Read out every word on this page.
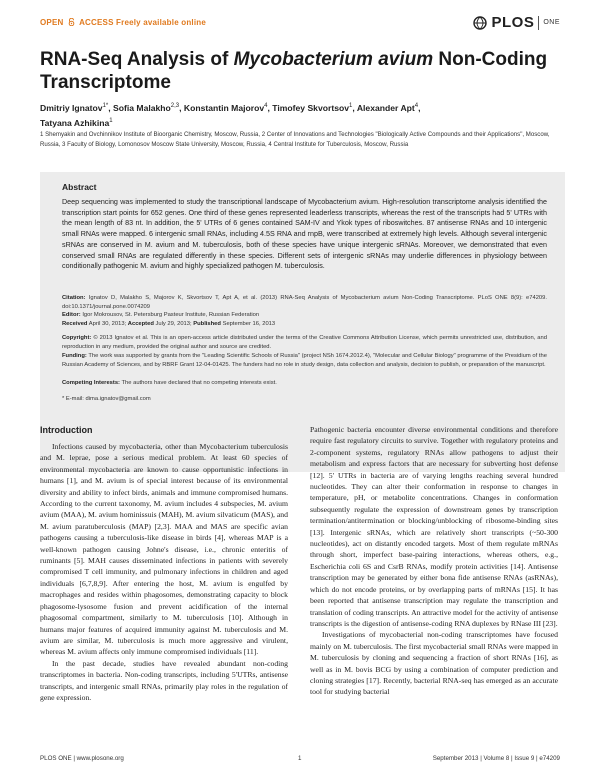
OPEN ACCESS Freely available online	PLOS ONE
RNA-Seq Analysis of Mycobacterium avium Non-Coding Transcriptome
Dmitriy Ignatov$^{1*}$, Sofia Malakho$^{2,3}$, Konstantin Majorov$^4$, Timofey Skvortsov$^1$, Alexander Apt$^4$,
Tatyana Azhikina$^1$
1 Shemyakin and Ovchinnikov Institute of Bioorganic Chemistry, Moscow, Russia, 2 Center of Innovations and Technologies "Biologically Active Compounds and their Applications", Moscow, Russia, 3 Faculty of Biology, Lomonosov Moscow State University, Moscow, Russia, 4 Central Institute for Tuberculosis, Moscow, Russia
Abstract
Deep sequencing was implemented to study the transcriptional landscape of Mycobacterium avium. High-resolution transcriptome analysis identified the transcription start points for 652 genes. One third of these genes represented leaderless transcripts, whereas the rest of the transcripts had 5' UTRs with the mean length of 83 nt. In addition, the 5' UTRs of 6 genes contained SAM-IV and Ykok types of riboswitches. 87 antisense RNAs and 10 intergenic small RNAs were mapped. 6 intergenic small RNAs, including 4.5S RNA and rnpB, were transcribed at extremely high levels. Although several intergenic sRNAs are conserved in M. avium and M. tuberculosis, both of these species have unique intergenic sRNAs. Moreover, we demonstrated that even conserved small RNAs are regulated differently in these species. Different sets of intergenic sRNAs may underlie differences in physiology between conditionally pathogenic M. avium and highly specialized pathogen M. tuberculosis.
Citation: Ignatov D, Malakho S, Majorov K, Skvortsov T, Apt A, et al. (2013) RNA-Seq Analysis of Mycobacterium avium Non-Coding Transcriptome. PLoS ONE 8(9): e74209. doi:10.1371/journal.pone.0074209
Editor: Igor Mokrousov, St. Petersburg Pasteur Institute, Russian Federation
Received April 30, 2013; Accepted July 29, 2013; Published September 16, 2013
Copyright: © 2013 Ignatov et al. This is an open-access article distributed under the terms of the Creative Commons Attribution License, which permits unrestricted use, distribution, and reproduction in any medium, provided the original author and source are credited.
Funding: The work was supported by grants from the "Leading Scientific Schools of Russia" (project NSh 1674.2012.4), "Molecular and Cellular Biology" programme of the Presidium of the Russian Academy of Sciences, and by RBRF Grant 12-04-01425. The funders had no role in study design, data collection and analysis, decision to publish, or preparation of the manuscript.
Competing Interests: The authors have declared that no competing interests exist.
* E-mail: dima.ignatov@gmail.com
Introduction

Infections caused by mycobacteria, other than Mycobacterium tuberculosis and M. leprae, pose a serious medical problem. At least 60 species of environmental mycobacteria are known to cause opportunistic infections in humans [1], and M. avium is of special interest because of its environmental diversity and ability to infect birds, animals and immune compromised humans. According to the current taxonomy, M. avium includes 4 subspecies, M. avium avium (MAA), M. avium hominissuis (MAH), M. avium silvaticum (MAS), and M. avium paratuberculosis (MAP) [2,3]. MAA and MAS are specific avian pathogens causing a tuberculosis-like disease in birds [4], whereas MAP is a well-known pathogen causing Johne's disease, i.e., chronic enteritis of ruminants [5]. MAH causes disseminated infections in patients with severely compromised T cell immunity, and pulmonary infections in children and aged individuals [6,7,8,9]. After entering the host, M. avium is engulfed by macrophages and resides within phagosomes, demonstrating capacity to block phagosome-lysosome fusion and prevent acidification of the internal phagosomal compartment, similarly to M. tuberculosis [10]. Although in humans major features of acquired immunity against M. tuberculosis and M. avium are similar, M. tuberculosis is much more aggressive and virulent, whereas M. avium affects only immune compromised individuals [11].

In the past decade, studies have revealed abundant non-coding transcriptomes in bacteria. Non-coding transcripts, including 5'UTRs, antisense transcripts, and intergenic small RNAs, primarily play roles in the regulation of gene expression.

Pathogenic bacteria encounter diverse environmental conditions and therefore require fast regulatory circuits to survive. Together with regulatory proteins and 2-component systems, regulatory RNAs allow pathogens to adjust their metabolism and express factors that are necessary for subverting host defense [12]. 5' UTRs in bacteria are of varying lengths reaching several hundred nucleotides. They can alter their conformation in response to changes in temperature, pH, or metabolite concentrations. Changes in conformation subsequently regulate the expression of downstream genes by transcription termination/antitermination or blocking/unblocking of ribosome-binding sites [13]. Intergenic sRNAs, which are relatively short transcripts (~50-300 nucleotides), act on distantly encoded targets. Most of them regulate mRNAs through short, imperfect base-pairing interactions, whereas others, e.g., Escherichia coli 6S and CsrB RNAs, modify protein activities [14]. Antisense transcription may be generated by either bona fide antisense RNAs (asRNAs), which do not encode proteins, or by overlapping parts of mRNAs [15]. It has been reported that antisense transcription may regulate the transcription and translation of coding transcripts. An attractive model for the activity of antisense transcripts is the digestion of antisense-coding RNA duplexes by RNase III [23].

Investigations of mycobacterial non-coding transcriptomes have focused mainly on M. tuberculosis. The first mycobacterial small RNAs were mapped in M. tuberculosis by cloning and sequencing a fraction of short RNAs [16], as well as in M. bovis BCG by using a combination of computer prediction and cloning strategies [17]. Recently, bacterial RNA-seq has emerged as an accurate tool for studying bacterial

PLOS ONE | www.plosone.org	1	September 2013 | Volume 8 | Issue 9 | e74209
